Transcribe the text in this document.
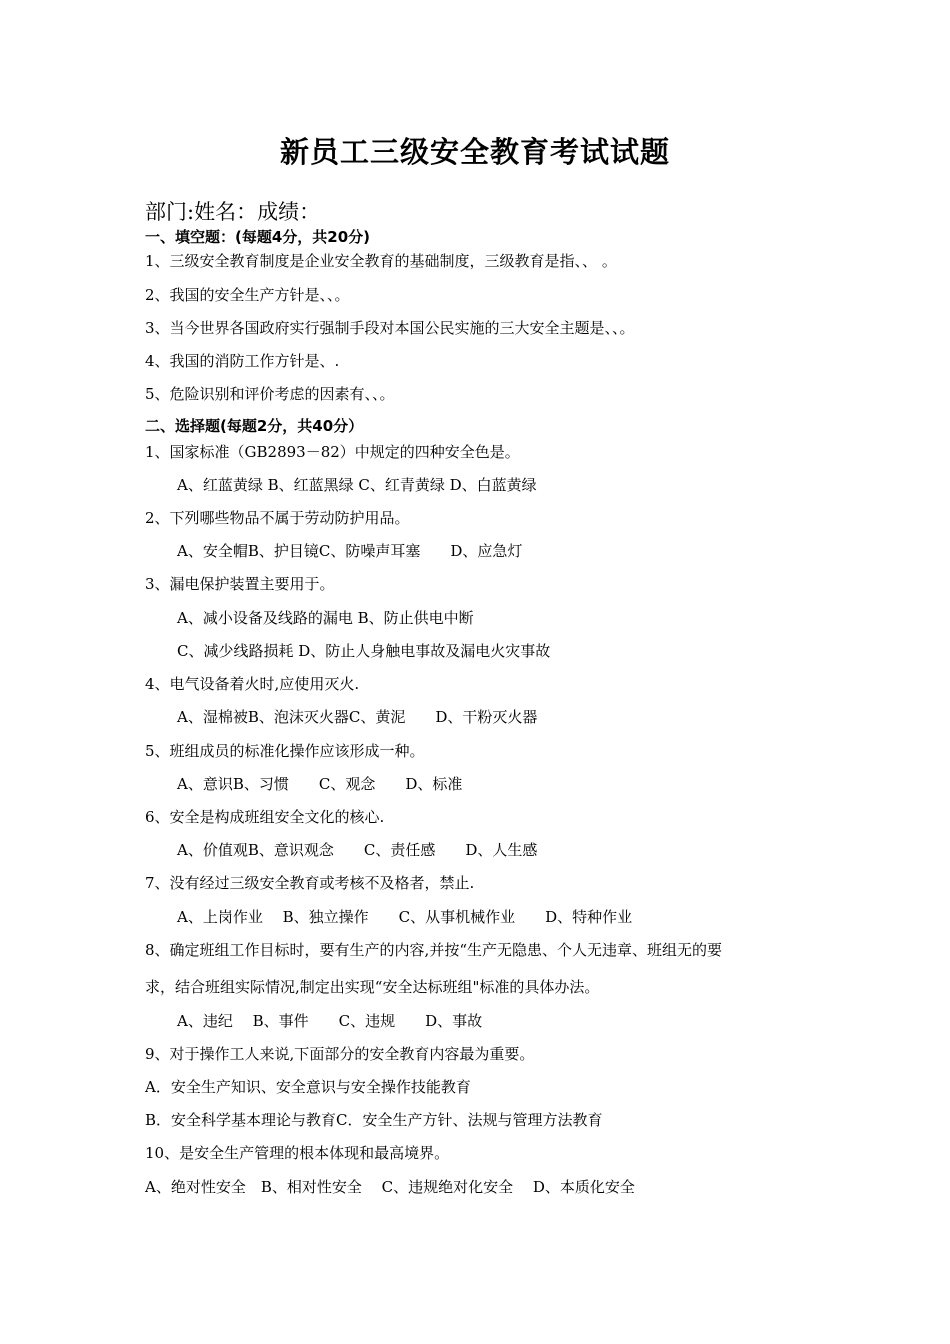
新员工三级安全教育考试试题
部门:姓名：成绩：
一、填空题：(每题4分，共20分)
1、三级安全教育制度是企业安全教育的基础制度，三级教育是指、、 。
2、我国的安全生产方针是、、。
3、当今世界各国政府实行强制手段对本国公民实施的三大安全主题是、、。
4、我国的消防工作方针是、.
5、危险识别和评价考虑的因素有、、。
二、选择题(每题2分，共40分）
1、国家标准（GB2893－82）中规定的四种安全色是。
A、红蓝黄绿 B、红蓝黑绿 C、红青黄绿 D、白蓝黄绿
2、下列哪些物品不属于劳动防护用品。
A、安全帽B、护目镜C、防噪声耳塞　　D、应急灯
3、漏电保护装置主要用于。
A、减小设备及线路的漏电 B、防止供电中断
C、减少线路损耗 D、防止人身触电事故及漏电火灾事故
4、电气设备着火时,应使用灭火.
A、湿棉被B、泡沫灭火器C、黄泥　　D、干粉灭火器
5、班组成员的标准化操作应该形成一种。
A、意识B、习惯　　C、观念　　D、标准
6、安全是构成班组安全文化的核心.
A、价值观B、意识观念　　C、责任感　　D、人生感
7、没有经过三级安全教育或考核不及格者，禁止.
A、上岗作业　 B、独立操作　　C、从事机械作业　　D、特种作业
8、确定班组工作目标时，要有生产的内容,并按“生产无隐患、个人无违章、班组无的要
求，结合班组实际情况,制定出实现“安全达标班组"标准的具体办法。
A、违纪　 B、事件　　C、违规　　D、事故
9、对于操作工人来说,下面部分的安全教育内容最为重要。
A．安全生产知识、安全意识与安全操作技能教育
B．安全科学基本理论与教育C．安全生产方针、法规与管理方法教育
10、是安全生产管理的根本体现和最高境界。
A、绝对性安全　B、相对性安全　 C、违规绝对化安全　 D、本质化安全
